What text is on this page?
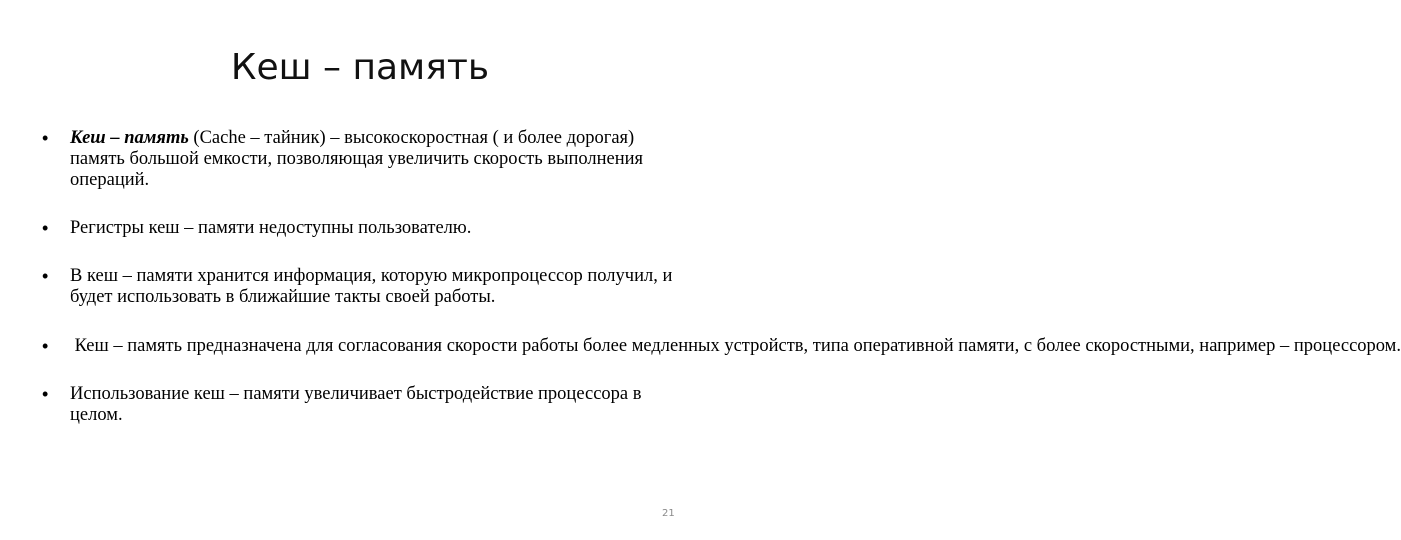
Кеш – память
• Кеш – память (Cache – тайник) – высокоскоростная ( и более дорогая) память большой емкости, позволяющая увеличить скорость выполнения операций.
• Регистры кеш – памяти недоступны пользователю.
• В кеш – памяти хранится информация, которую микропроцессор получил, и будет использовать в ближайшие такты своей работы.
• Кеш – память предназначена для согласования скорости работы более медленных устройств, типа оперативной памяти, с более скоростными, например – процессором.
• Использование кеш – памяти увеличивает быстродействие процессора в целом.
21
